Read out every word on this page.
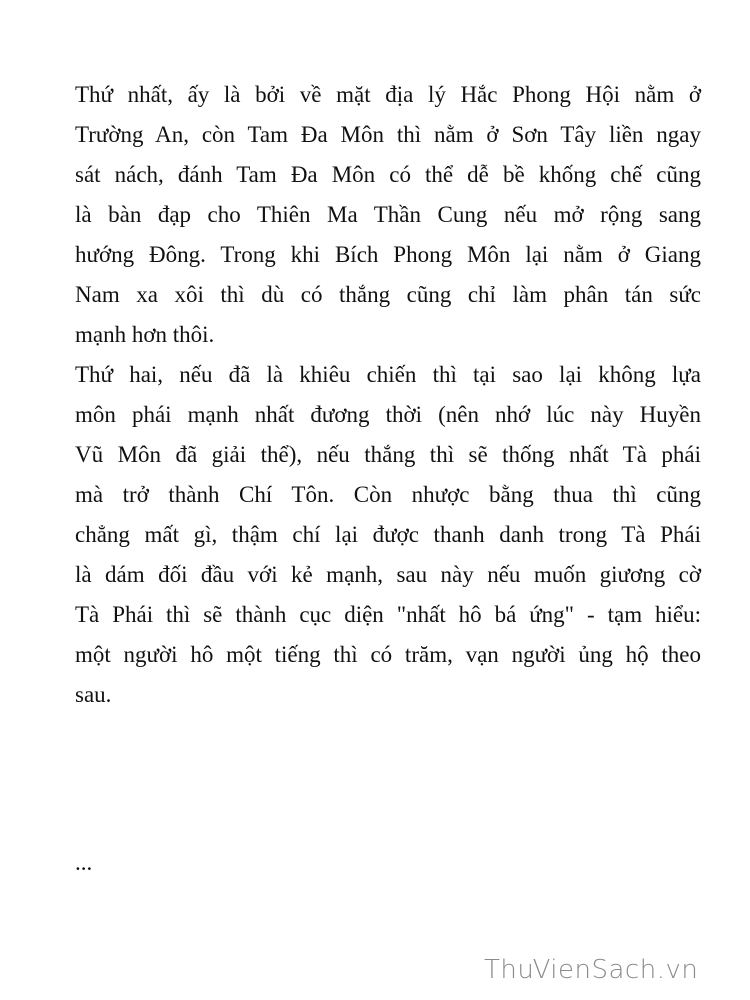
Thứ nhất, ấy là bởi về mặt địa lý Hắc Phong Hội nằm ở
Trường An, còn Tam Đa Môn thì nằm ở Sơn Tây liền ngay
sát nách, đánh Tam Đa Môn có thể dễ bề khống chế cũng
là bàn đạp cho Thiên Ma Thần Cung nếu mở rộng sang
hướng Đông. Trong khi Bích Phong Môn lại nằm ở Giang
Nam xa xôi thì dù có thắng cũng chỉ làm phân tán sức
mạnh hơn thôi.
Thứ hai, nếu đã là khiêu chiến thì tại sao lại không lựa
môn phái mạnh nhất đương thời (nên nhớ lúc này Huyền
Vũ Môn đã giải thể), nếu thắng thì sẽ thống nhất Tà phái
mà trở thành Chí Tôn. Còn nhược bằng thua thì cũng
chẳng mất gì, thậm chí lại được thanh danh trong Tà Phái
là dám đối đầu với kẻ mạnh, sau này nếu muốn giương cờ
Tà Phái thì sẽ thành cục diện "nhất hô bá ứng" - tạm hiểu:
một người hô một tiếng thì có trăm, vạn người ủng hộ theo
sau.
...
ThuVienSach.vn
